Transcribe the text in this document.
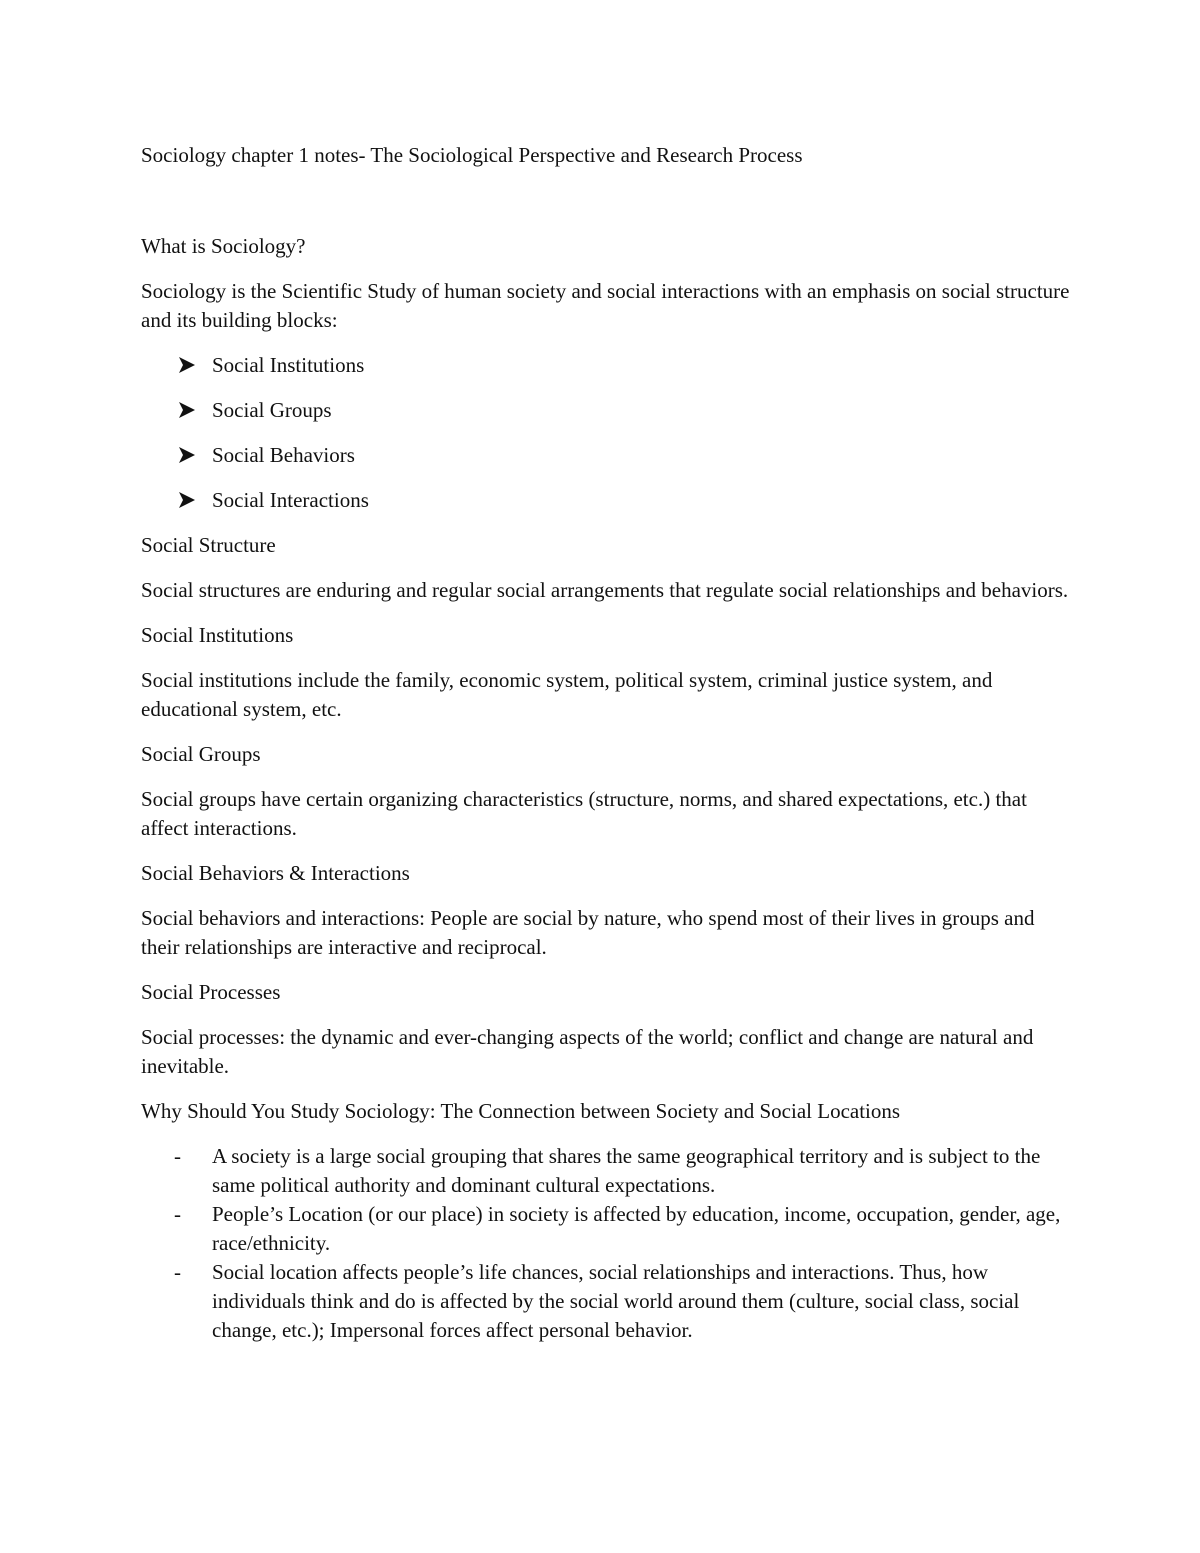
Sociology chapter 1 notes- The Sociological Perspective and Research Process

What is Sociology?

Sociology is the Scientific Study of human society and social interactions with an emphasis on social structure and its building blocks:

Social Institutions
Social Groups
Social Behaviors
Social Interactions

Social Structure

Social structures are enduring and regular social arrangements that regulate social relationships and behaviors.

Social Institutions

Social institutions include the family, economic system, political system, criminal justice system, and educational system, etc.

Social Groups

Social groups have certain organizing characteristics (structure, norms, and shared expectations, etc.) that affect interactions.

Social Behaviors & Interactions

Social behaviors and interactions: People are social by nature, who spend most of their lives in groups and their relationships are interactive and reciprocal.

Social Processes

Social processes: the dynamic and ever-changing aspects of the world; conflict and change are natural and inevitable.

Why Should You Study Sociology: The Connection between Society and Social Locations

- A society is a large social grouping that shares the same geographical territory and is subject to the same political authority and dominant cultural expectations.
- People’s Location (or our place) in society is affected by education, income, occupation, gender, age, race/ethnicity.
- Social location affects people’s life chances, social relationships and interactions. Thus, how individuals think and do is affected by the social world around them (culture, social class, social change, etc.); Impersonal forces affect personal behavior.
